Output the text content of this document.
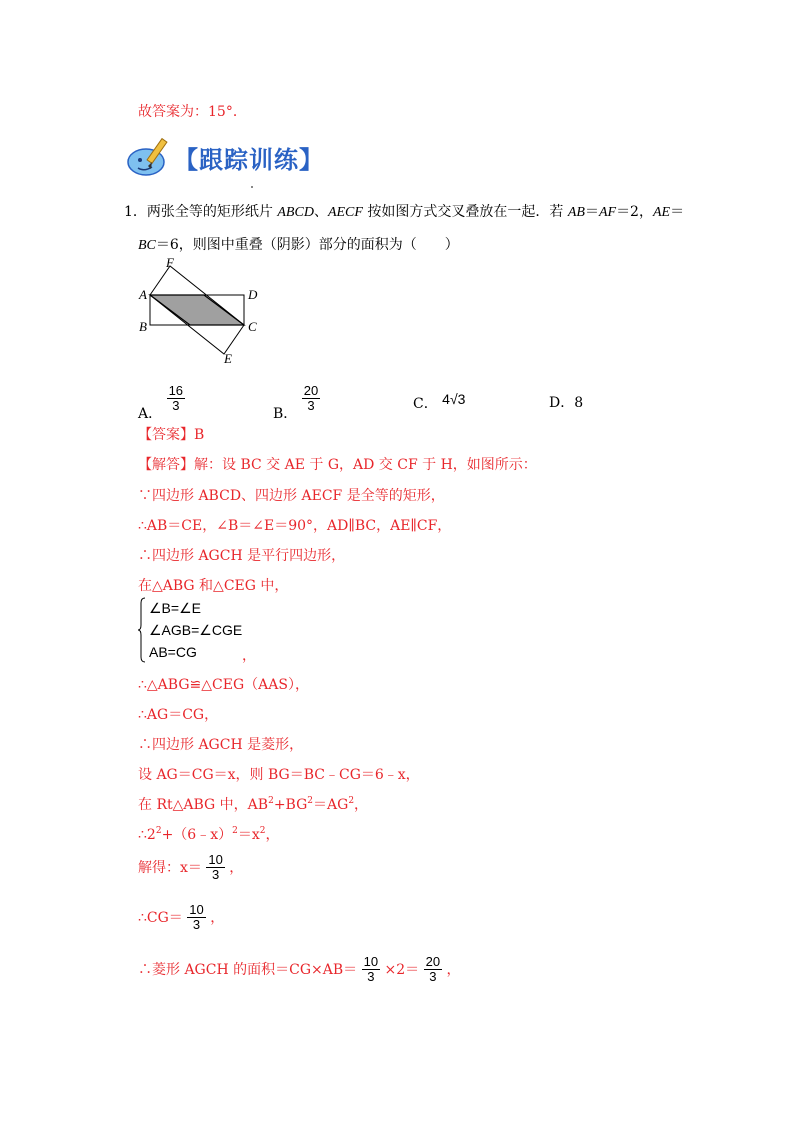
故答案为：15°．
【跟踪训练】
1．两张全等的矩形纸片 ABCD、AECF 按如图方式交叉叠放在一起．若 AB＝AF＝2，AE＝
BC＝6，则图中重叠（阴影）部分的面积为（　　）
F
A	D
B	C
E
A．
$\frac{16}{3}$
B．
$\frac{20}{3}$	C． 4√3	D．8
【答案】B
【解答】解：设 BC 交 AE 于 G，AD 交 CF 于 H，如图所示：
∵四边形 ABCD、四边形 AECF 是全等的矩形，
∴AB＝CE，∠B＝∠E＝90°，AD∥BC，AE∥CF，
∴四边形 AGCH 是平行四边形，
在△ABG 和△CEG 中，
∠B=∠E
∠AGB=∠CGE
AB=CG	，
∴△ABG≌△CEG（AAS），
∴AG＝CG，
∴四边形 AGCH 是菱形，
设 AG＝CG＝x，则 BG＝BC﹣CG＝6﹣x，
在 Rt△ABG 中，$AB^2+BG^2=AG^2$，
$\therefore 2^2+(6﹣x)^2=x^2$，
解得：$x= \frac{10}{3}$ ，
∴CG＝ $\frac{10}{3}$ ，
∴菱形 AGCH 的面积$=CG\times AB= \frac{10}{3} \times 2= \frac{20}{3}$ ，
